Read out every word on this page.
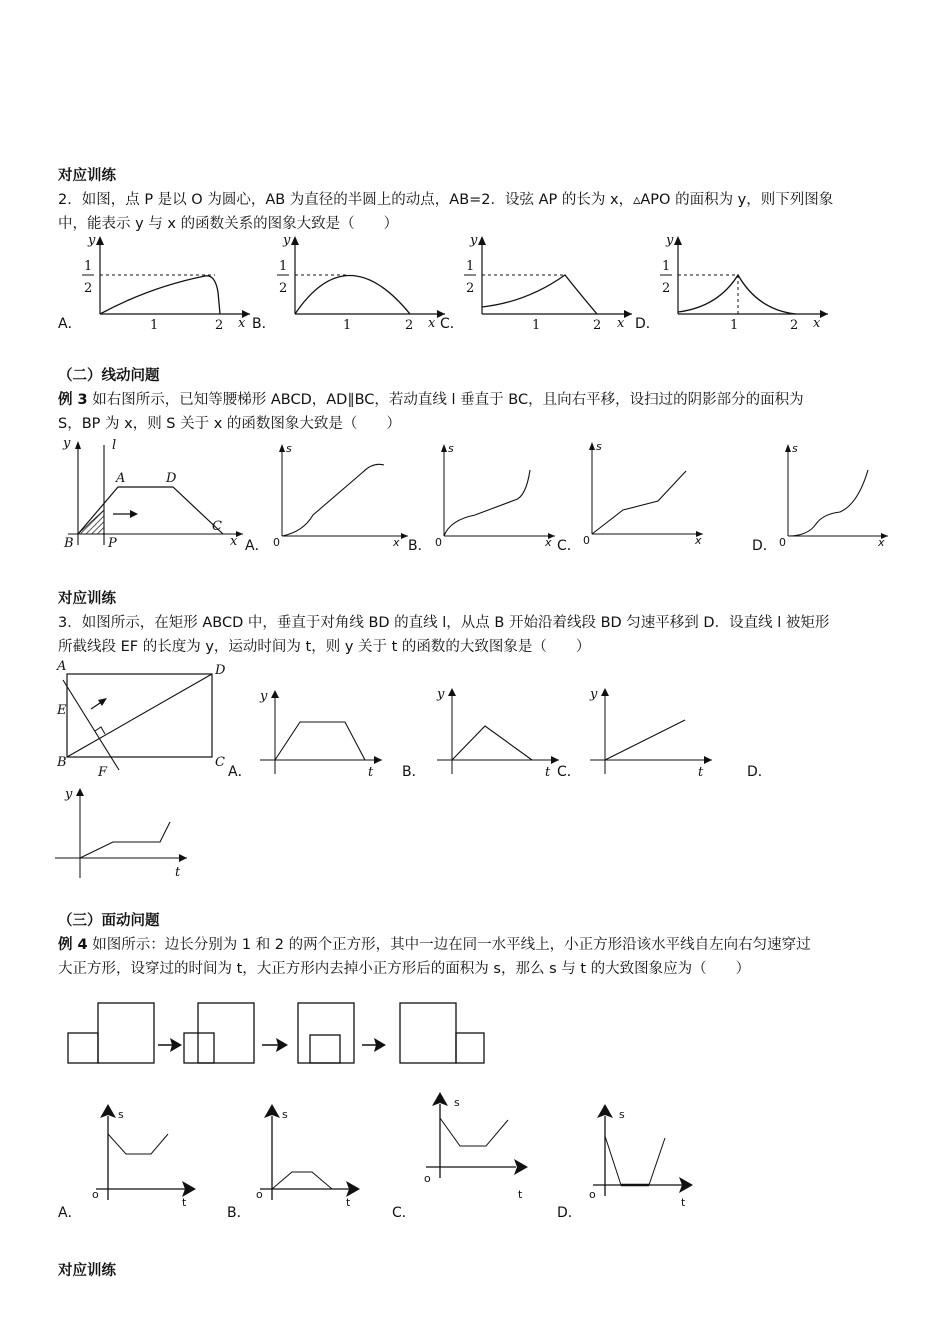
对应训练
2．如图，点 P 是以 O 为圆心，AB 为直径的半圆上的动点，AB=2．设弦 AP 的长为 x，▵APO 的面积为 y，则下列图象
中，能表示 y 与 x 的函数关系的图象大致是（　　）
y
1
2
1	2 x
A．
y
1
2
1	2 x
B．
y
1
2
1	2 x
C．
y
1
2
1	2 x
D．
（二）线动问题
例 3 如右图所示，已知等腰梯形 ABCD，AD∥BC，若动直线 l 垂直于 BC，且向右平移，设扫过的阴影部分的面积为
S，BP 为 x，则 S 关于 x 的函数图象大致是（　　）
y	l
A	D
C
B	P	x
s
0	x
A．
s
0	x
B．
s
0	x
C．
s
0	x
D．
对应训练
3．如图所示，在矩形 ABCD 中，垂直于对角线 BD 的直线 l，从点 B 开始沿着线段 BD 匀速平移到 D．设直线 l 被矩形
所截线段 EF 的长度为 y，运动时间为 t，则 y 关于 t 的函数的大致图象是（　　）
A	D
E
B	C
F
y
t
A．
y
t
B．
y
t
C．	D．
y
t
（三）面动问题
例 4 如图所示：边长分别为 1 和 2 的两个正方形，其中一边在同一水平线上，小正方形沿该水平线自左向右匀速穿过
大正方形，设穿过的时间为 t，大正方形内去掉小正方形后的面积为 s，那么 s 与 t 的大致图象应为（　　）
s
o
t
A．
s
o
t
B．
s
o
t
C．
s
o
t
D．
对应训练
